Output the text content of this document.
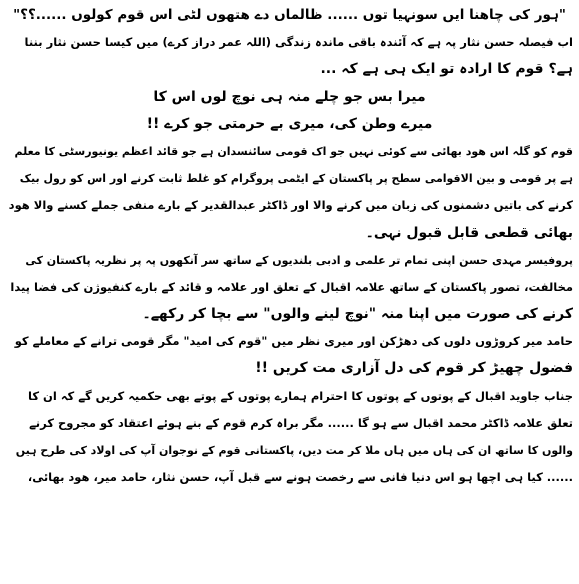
"ہور کی چاھنا ایں سونہیا توں ...... ظالماں دے ھتھوں لٹی اس قوم کولوں ......؟؟"
اب فیصلہ حسن نثار پہ ہے کہ آئندہ باقی ماندہ زندگی (اللہ عمر دراز کرے) میں کیسا حسن نثار بننا
ہے؟ قوم کا ارادہ تو ایک ہی ہے کہ ...
میرا بس جو چلے منہ ہی نوچ لوں اس کا
میرے وطن کی، میری بے حرمتی جو کرے !!
قوم کو گلہ اس ھود بھائی سے کوئی نہیں جو اک قومی سائنسدان ہے جو قائد اعظم یونیورسٹی کا معلم
ہے پر قومی و بین الاقوامی سطح پر پاکستان کے ایٹمی پروگرام کو غلط ثابت کرنے اور اس کو رول بیک
کرنے کی باتیں دشمنوں کی زبان میں کرنے والا اور ڈاکٹر عبدالقدیر کے بارے منفی جملے کسنے والا ھود
بھائی قطعی قابل قبول نہی۔
پروفیسر مہدی حسن اپنی تمام تر علمی و ادبی بلندیوں کے ساتھ سر آنکھوں پہ پر نظریہ پاکستان کی
مخالفت، تصور پاکستان کے ساتھ علامہ اقبال کے تعلق اور علامہ و قائد کے بارے کنفیوژن کی فضا پیدا
کرنے کی صورت میں اپنا منہ "نوچ لینے والوں" سے بچا کر رکھے۔
حامد میر کروڑوں دلوں کی دھڑکن اور میری نظر میں "قوم کی امید" مگر قومی ترانے کے معاملے کو
فضول چھیڑ کر قوم کی دل آزاری مت کریں !!
جناب جاوید اقبال کے پوتوں کے پوتوں کا احترام ہمارے پوتوں کے پوتے بھی حکمیہ کریں گے کہ ان کا
تعلق علامہ ڈاکٹر محمد اقبال سے ہو گا ...... مگر براہ کرم قوم کے بنے ہوئے اعتقاد کو مجروح کرنے
والوں کا ساتھ ان کی ہاں میں ہاں ملا کر مت دیں، پاکستانی قوم کے نوجوان آپ کی اولاد کی طرح ہیں
...... کیا ہی اچھا ہو اس دنیا فانی سے رخصت ہونے سے قبل آپ، حسن نثار، حامد میر، ھود بھائی،
